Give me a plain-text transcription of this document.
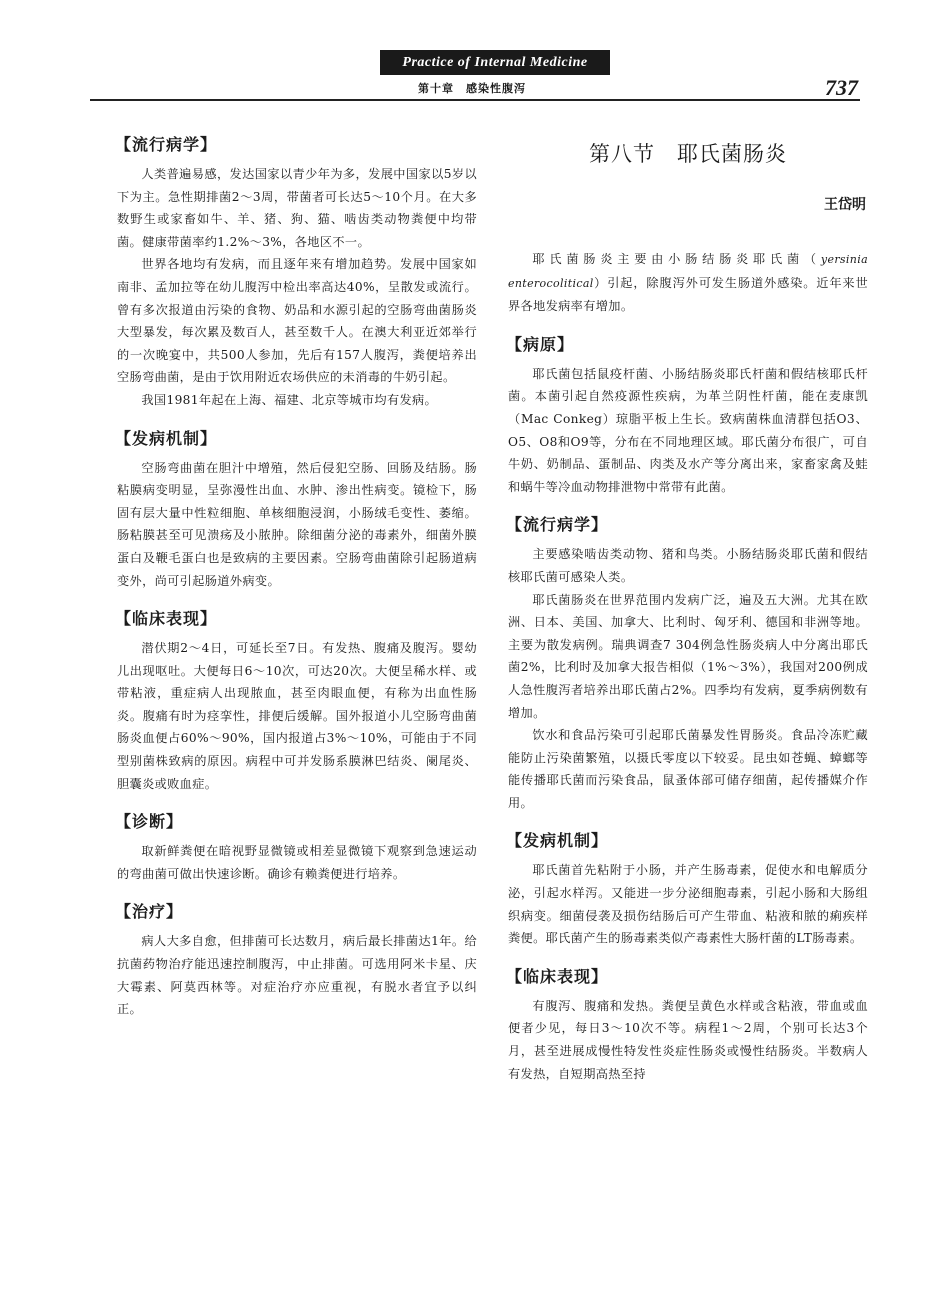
Practice of Internal Medicine
第十章　感染性腹泻	737
【流行病学】

人类普遍易感，发达国家以青少年为多，发展中国家以5岁以下为主。急性期排菌2～3周，带菌者可长达5～10个月。在大多数野生或家畜如牛、羊、猪、狗、猫、啮齿类动物粪便中均带菌。健康带菌率约1.2%～3%，各地区不一。

世界各地均有发病，而且逐年来有增加趋势。发展中国家如南非、孟加拉等在幼儿腹泻中检出率高达40%，呈散发或流行。曾有多次报道由污染的食物、奶品和水源引起的空肠弯曲菌肠炎大型暴发，每次累及数百人，甚至数千人。在澳大利亚近郊举行的一次晚宴中，共500人参加，先后有157人腹泻，粪便培养出空肠弯曲菌，是由于饮用附近农场供应的未消毒的牛奶引起。

我国1981年起在上海、福建、北京等城市均有发病。

【发病机制】

空肠弯曲菌在胆汁中增殖，然后侵犯空肠、回肠及结肠。肠粘膜病变明显，呈弥漫性出血、水肿、渗出性病变。镜检下，肠固有层大量中性粒细胞、单核细胞浸润，小肠绒毛变性、萎缩。肠粘膜甚至可见溃疡及小脓肿。除细菌分泌的毒素外，细菌外膜蛋白及鞭毛蛋白也是致病的主要因素。空肠弯曲菌除引起肠道病变外，尚可引起肠道外病变。

【临床表现】

潜伏期2～4日，可延长至7日。有发热、腹痛及腹泻。婴幼儿出现呕吐。大便每日6～10次，可达20次。大便呈稀水样、或带粘液，重症病人出现脓血，甚至肉眼血便，有称为出血性肠炎。腹痛有时为痉挛性，排便后缓解。国外报道小儿空肠弯曲菌肠炎血便占60%～90%，国内报道占3%～10%，可能由于不同型别菌株致病的原因。病程中可并发肠系膜淋巴结炎、阑尾炎、胆囊炎或败血症。

【诊断】

取新鲜粪便在暗视野显微镜或相差显微镜下观察到急速运动的弯曲菌可做出快速诊断。确诊有赖粪便进行培养。

【治疗】

病人大多自愈，但排菌可长达数月，病后最长排菌达1年。给抗菌药物治疗能迅速控制腹泻，中止排菌。可选用阿米卡星、庆大霉素、阿莫西林等。对症治疗亦应重视，有脱水者宜予以纠正。

第八节 耶氏菌肠炎
王岱明

耶氏菌肠炎主要由小肠结肠炎耶氏菌（yersinia enterocolitical）引起，除腹泻外可发生肠道外感染。近年来世界各地发病率有增加。

【病原】

耶氏菌包括鼠疫杆菌、小肠结肠炎耶氏杆菌和假结核耶氏杆菌。本菌引起自然疫源性疾病，为革兰阴性杆菌，能在麦康凯（Mac Conkeg）琼脂平板上生长。致病菌株血清群包括O3、O5、O8和O9等，分布在不同地理区域。耶氏菌分布很广，可自牛奶、奶制品、蛋制品、肉类及水产等分离出来，家畜家禽及蛙和蜗牛等冷血动物排泄物中常带有此菌。

【流行病学】

主要感染啮齿类动物、猪和鸟类。小肠结肠炎耶氏菌和假结核耶氏菌可感染人类。

耶氏菌肠炎在世界范围内发病广泛，遍及五大洲。尤其在欧洲、日本、美国、加拿大、比利时、匈牙利、德国和非洲等地。主要为散发病例。瑞典调查7 304例急性肠炎病人中分离出耶氏菌2%，比利时及加拿大报告相似（1%～3%），我国对200例成人急性腹泻者培养出耶氏菌占2%。四季均有发病，夏季病例数有增加。

饮水和食品污染可引起耶氏菌暴发性胃肠炎。食品冷冻贮藏能防止污染菌繁殖，以摄氏零度以下较妥。昆虫如苍蝇、蟑螂等能传播耶氏菌而污染食品，鼠蚤体部可储存细菌，起传播媒介作用。

【发病机制】

耶氏菌首先粘附于小肠，并产生肠毒素，促使水和电解质分泌，引起水样泻。又能进一步分泌细胞毒素，引起小肠和大肠组织病变。细菌侵袭及损伤结肠后可产生带血、粘液和脓的痢疾样粪便。耶氏菌产生的肠毒素类似产毒素性大肠杆菌的LT肠毒素。

【临床表现】

有腹泻、腹痛和发热。粪便呈黄色水样或含粘液，带血或血便者少见，每日3～10次不等。病程1～2周，个别可长达3个月，甚至进展成慢性特发性炎症性肠炎或慢性结肠炎。半数病人有发热，自短期高热至持
